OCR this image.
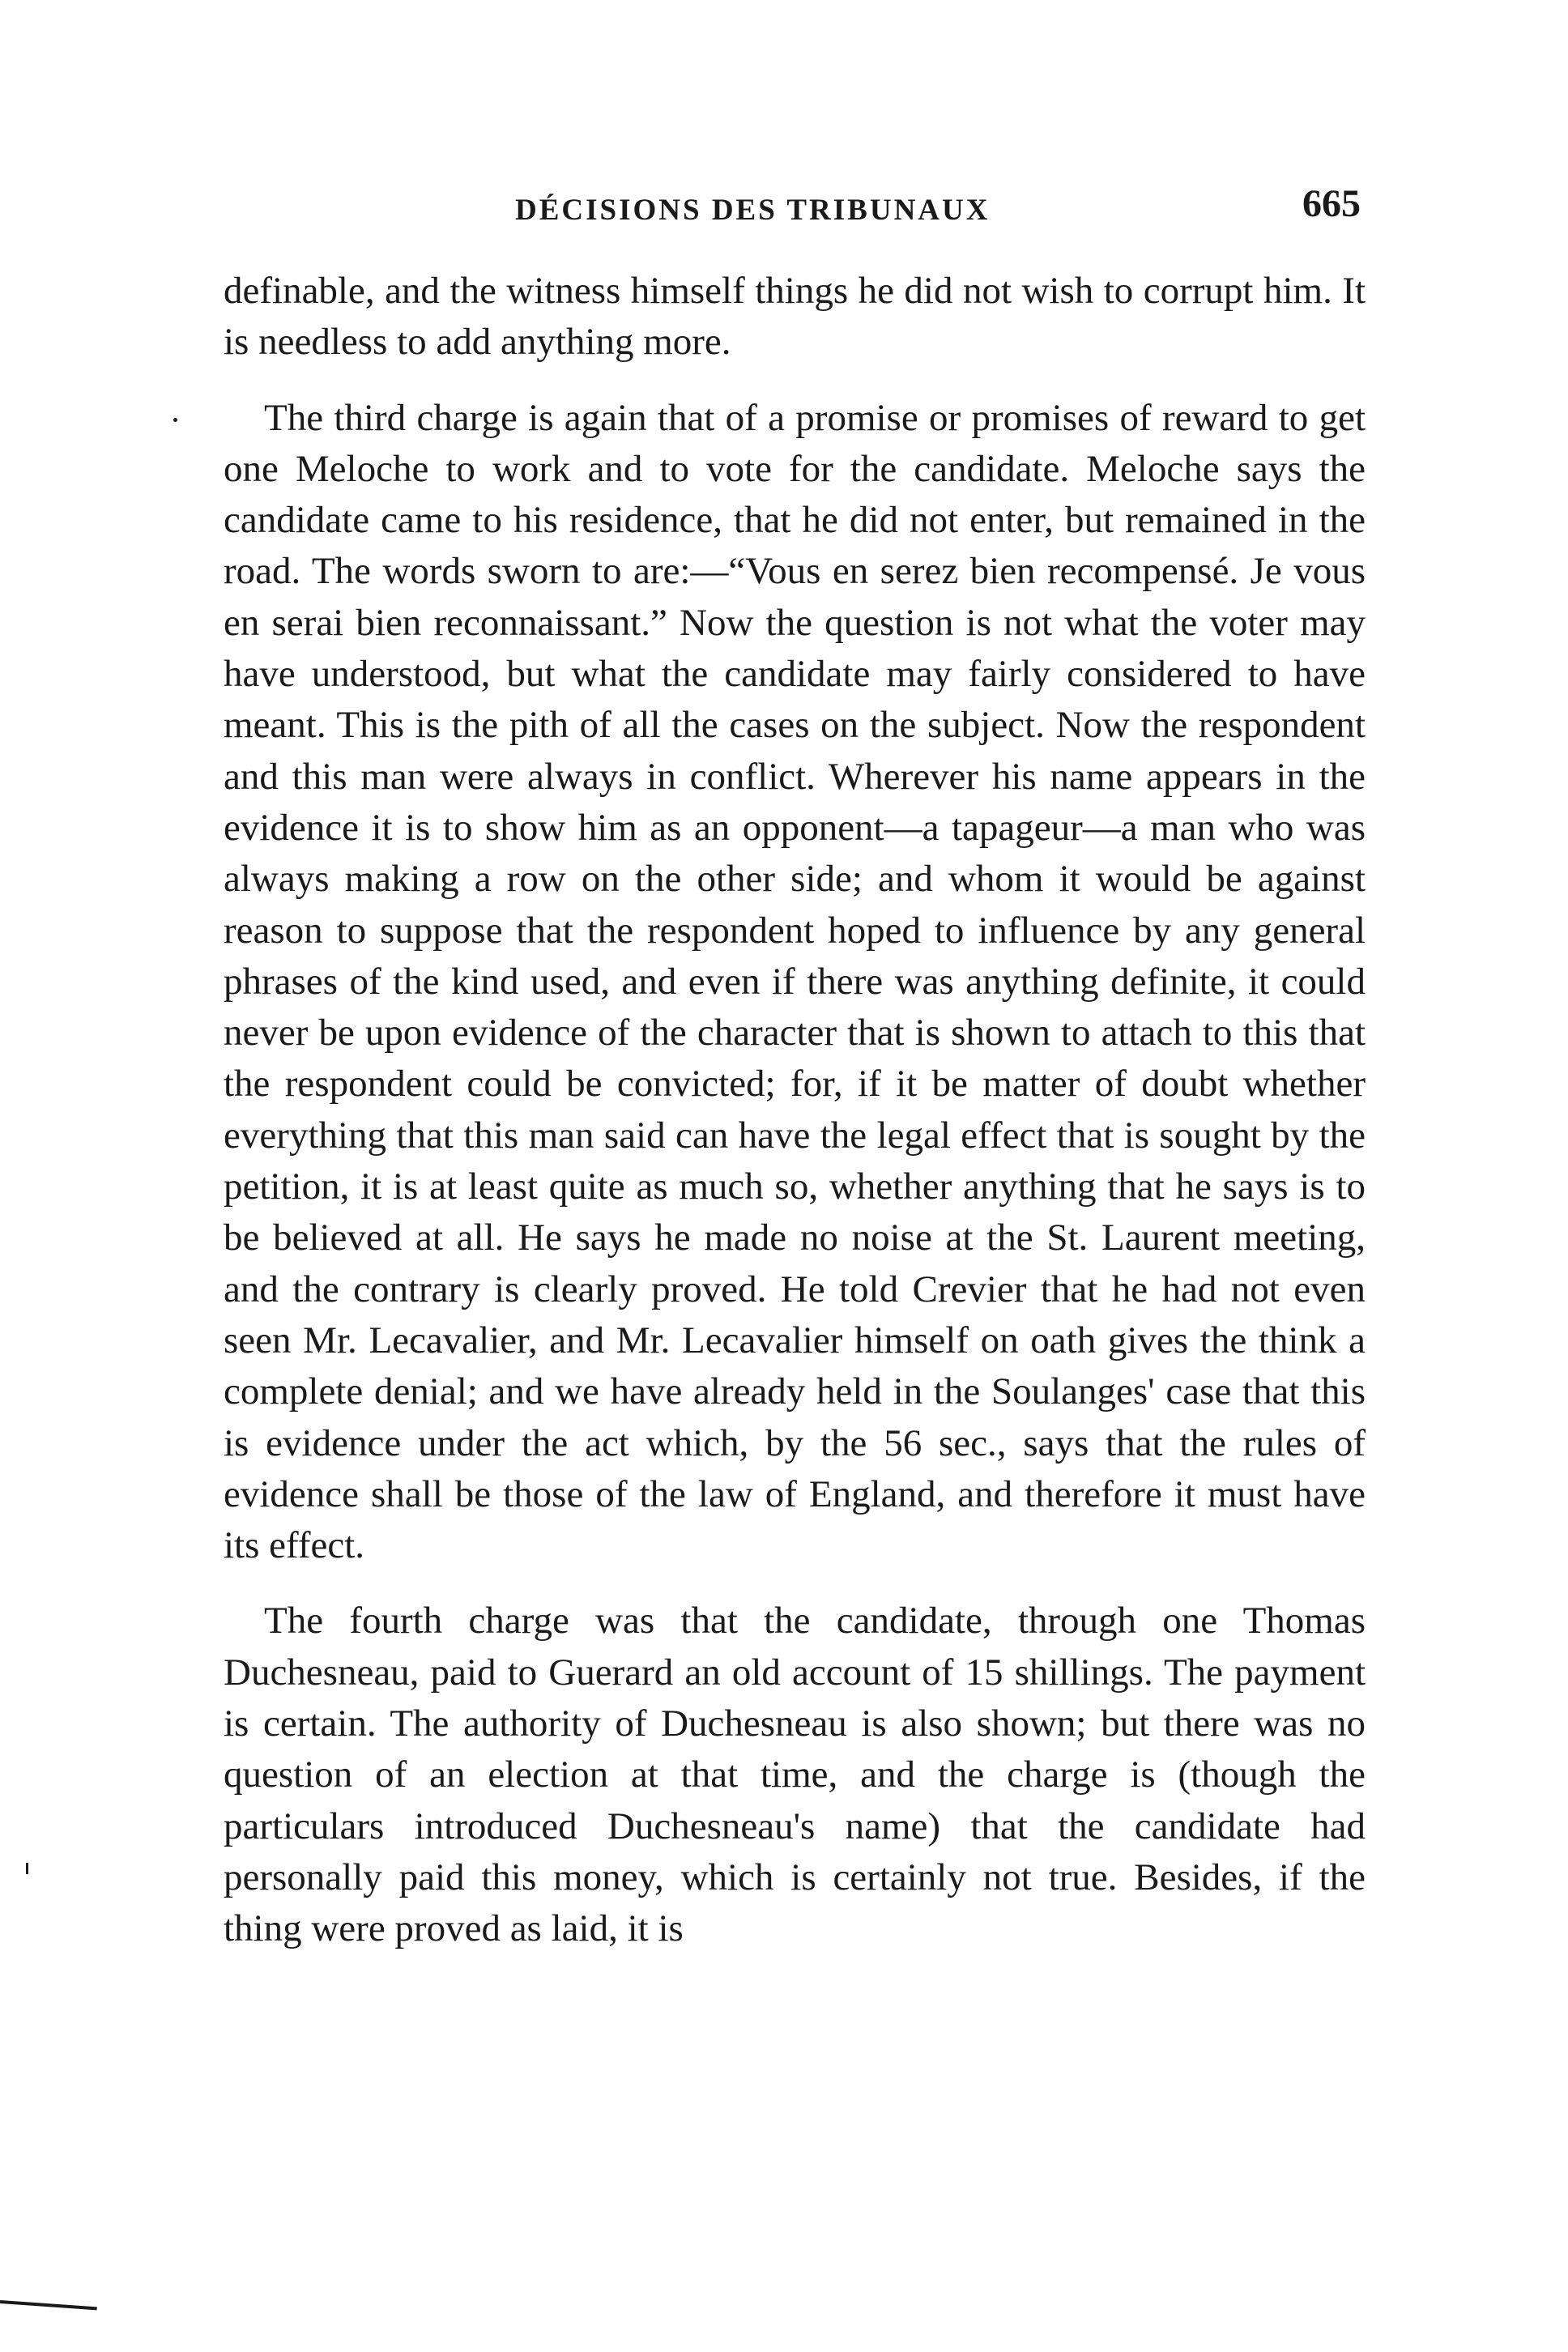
DÉCISIONS DES TRIBUNAUX	665

definable, and the witness himself things he did not wish to corrupt him. It is needless to add anything more.

The third charge is again that of a promise or promises of reward to get one Meloche to work and to vote for the candidate. Meloche says the candidate came to his residence, that he did not enter, but remained in the road. The words sworn to are:—“Vous en serez bien recompensé. Je vous en serai bien reconnaissant.” Now the question is not what the voter may have understood, but what the candidate may fairly considered to have meant. This is the pith of all the cases on the subject. Now the respondent and this man were always in conflict. Wherever his name appears in the evidence it is to show him as an opponent—a tapageur—a man who was always making a row on the other side; and whom it would be against reason to suppose that the respondent hoped to influence by any general phrases of the kind used, and even if there was anything definite, it could never be upon evidence of the character that is shown to attach to this that the respondent could be convicted; for, if it be matter of doubt whether everything that this man said can have the legal effect that is sought by the petition, it is at least quite as much so, whether anything that he says is to be believed at all. He says he made no noise at the St. Laurent meeting, and the contrary is clearly proved. He told Crevier that he had not even seen Mr. Lecavalier, and Mr. Lecavalier himself on oath gives the think a complete denial; and we have already held in the Soulanges' case that this is evidence under the act which, by the 56 sec., says that the rules of evidence shall be those of the law of England, and therefore it must have its effect.

The fourth charge was that the candidate, through one Thomas Duchesneau, paid to Guerard an old account of 15 shillings. The payment is certain. The authority of Duchesneau is also shown; but there was no question of an election at that time, and the charge is (though the particulars introduced Duchesneau's name) that the candidate had personally paid this money, which is certainly not true. Besides, if the thing were proved as laid, it is
